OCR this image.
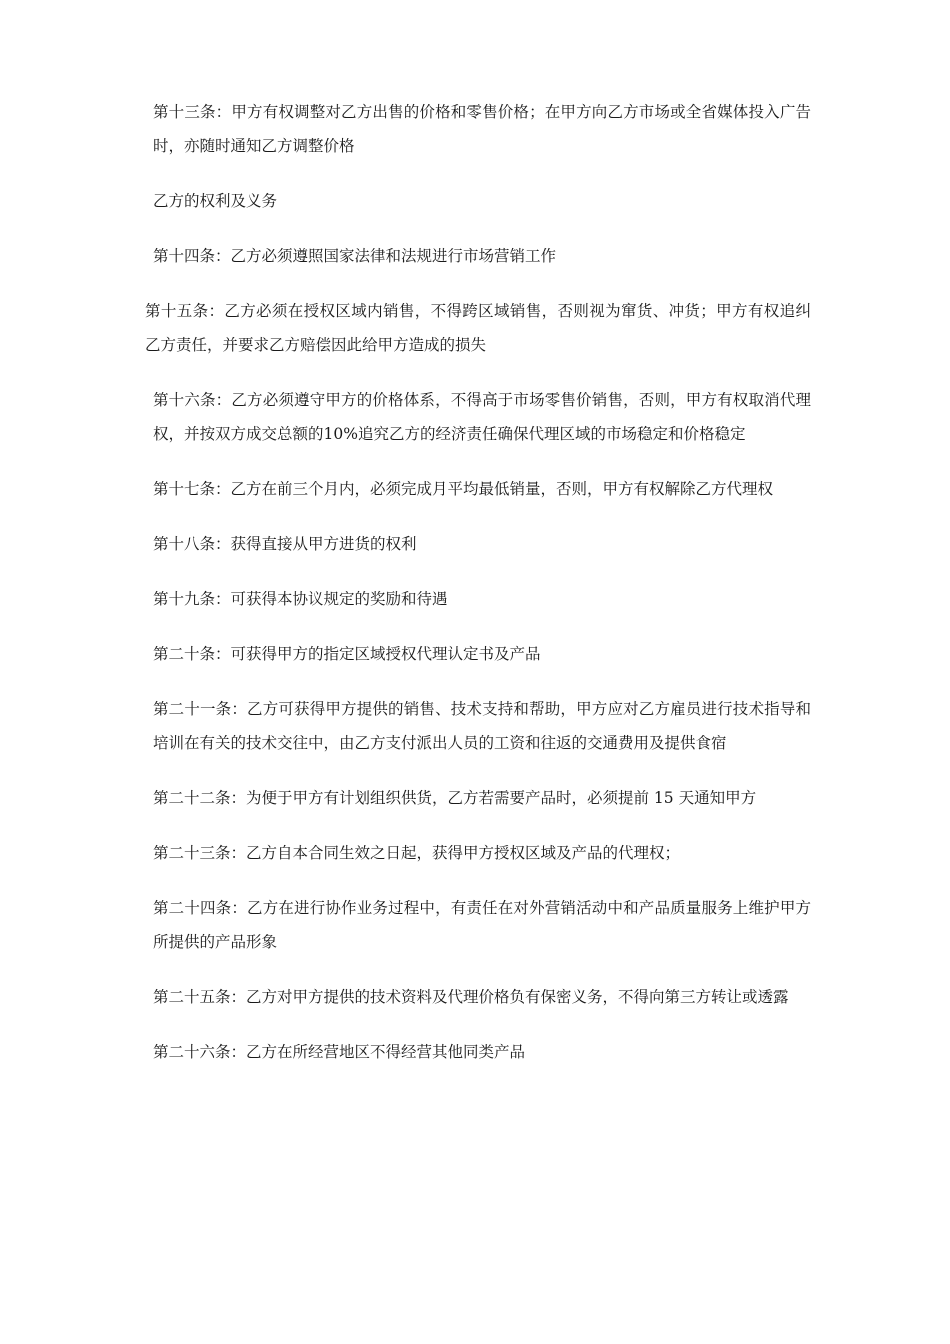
第十三条：甲方有权调整对乙方出售的价格和零售价格；在甲方向乙方市场或全省媒体投入广告时，亦随时通知乙方调整价格

乙方的权利及义务

第十四条：乙方必须遵照国家法律和法规进行市场营销工作

第十五条：乙方必须在授权区域内销售，不得跨区域销售，否则视为窜货、冲货；甲方有权追纠乙方责任，并要求乙方赔偿因此给甲方造成的损失

第十六条：乙方必须遵守甲方的价格体系，不得高于市场零售价销售，否则，甲方有权取消代理权，并按双方成交总额的10%追究乙方的经济责任确保代理区域的市场稳定和价格稳定

第十七条：乙方在前三个月内，必须完成月平均最低销量，否则，甲方有权解除乙方代理权

第十八条：获得直接从甲方进货的权利

第十九条：可获得本协议规定的奖励和待遇

第二十条：可获得甲方的指定区域授权代理认定书及产品

第二十一条：乙方可获得甲方提供的销售、技术支持和帮助，甲方应对乙方雇员进行技术指导和培训在有关的技术交往中，由乙方支付派出人员的工资和往返的交通费用及提供食宿

第二十二条：为便于甲方有计划组织供货，乙方若需要产品时，必须提前 15 天通知甲方

第二十三条：乙方自本合同生效之日起，获得甲方授权区域及产品的代理权；

第二十四条：乙方在进行协作业务过程中，有责任在对外营销活动中和产品质量服务上维护甲方所提供的产品形象

第二十五条：乙方对甲方提供的技术资料及代理价格负有保密义务，不得向第三方转让或透露

第二十六条：乙方在所经营地区不得经营其他同类产品
